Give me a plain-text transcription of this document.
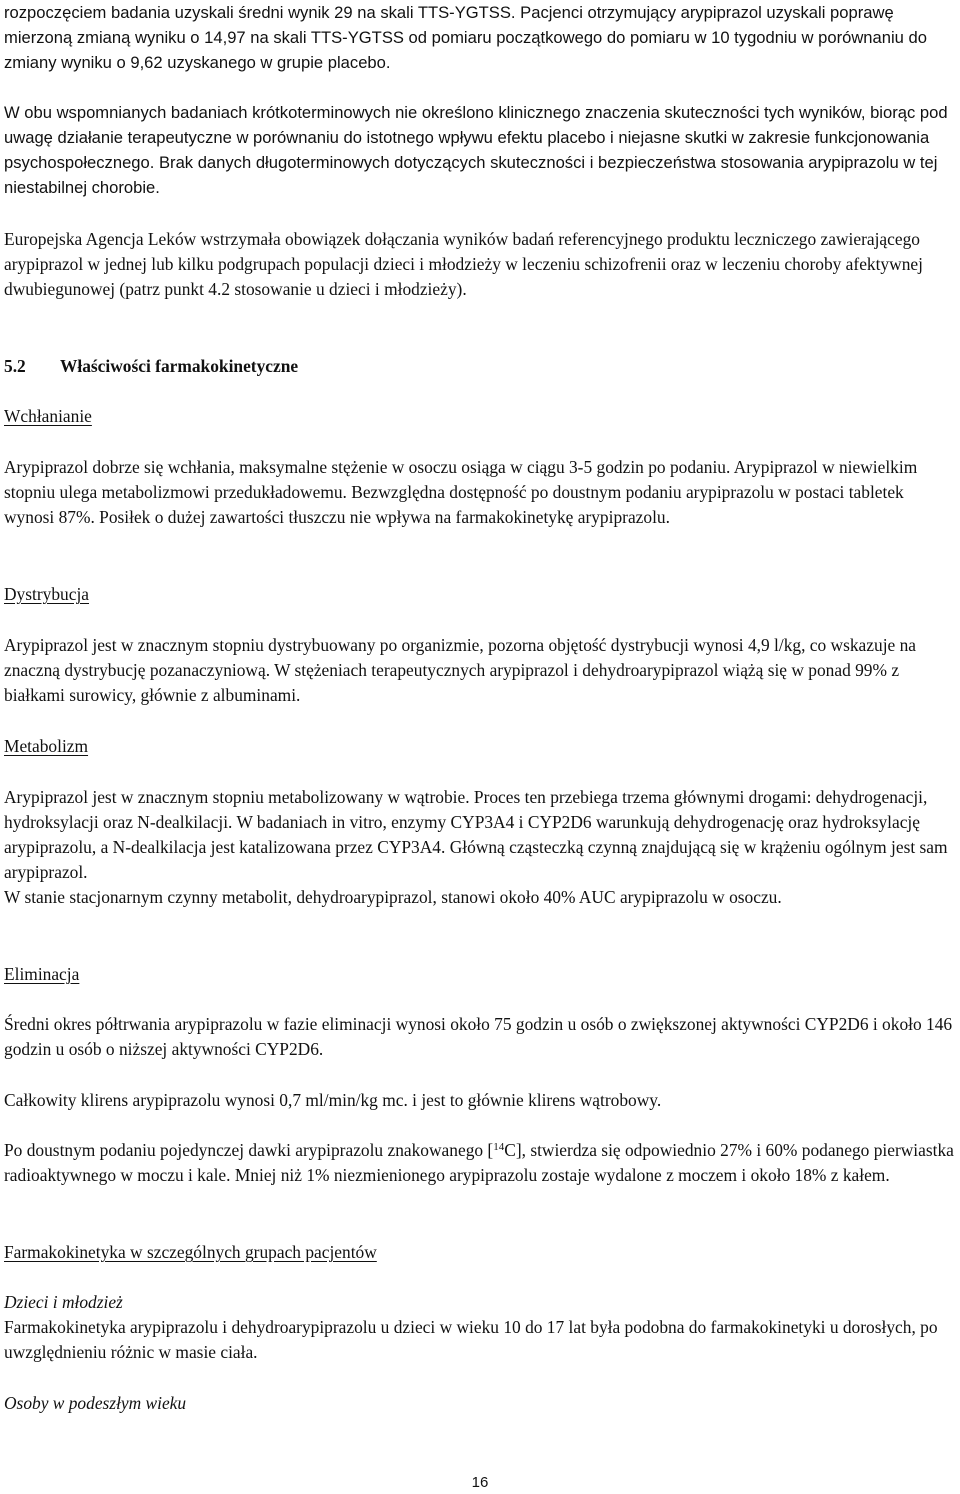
rozpoczęciem badania uzyskali średni wynik 29 na skali TTS-YGTSS. Pacjenci otrzymujący arypiprazol uzyskali poprawę mierzoną zmianą wyniku o 14,97 na skali TTS-YGTSS od pomiaru początkowego do pomiaru w 10 tygodniu w porównaniu do zmiany wyniku o 9,62 uzyskanego w grupie placebo.

W obu wspomnianych badaniach krótkoterminowych nie określono klinicznego znaczenia skuteczności tych wyników, biorąc pod uwagę działanie terapeutyczne w porównaniu do istotnego wpływu efektu placebo i niejasne skutki w zakresie funkcjonowania psychospołecznego. Brak danych długoterminowych dotyczących skuteczności i bezpieczeństwa stosowania arypiprazolu w tej niestabilnej chorobie.

Europejska Agencja Leków wstrzymała obowiązek dołączania wyników badań referencyjnego produktu leczniczego zawierającego arypiprazol w jednej lub kilku podgrupach populacji dzieci i młodzieży w leczeniu schizofrenii oraz w leczeniu choroby afektywnej dwubiegunowej (patrz punkt 4.2 stosowanie u dzieci i młodzieży).

5.2 Właściwości farmakokinetyczne

Wchłanianie

Arypiprazol dobrze się wchłania, maksymalne stężenie w osoczu osiąga w ciągu 3-5 godzin po podaniu. Arypiprazol w niewielkim stopniu ulega metabolizmowi przedukładowemu. Bezwzględna dostępność po doustnym podaniu arypiprazolu w postaci tabletek wynosi 87%. Posiłek o dużej zawartości tłuszczu nie wpływa na farmakokinetykę arypiprazolu.

Dystrybucja

Arypiprazol jest w znacznym stopniu dystrybuowany po organizmie, pozorna objętość dystrybucji wynosi 4,9 l/kg, co wskazuje na znaczną dystrybucję pozanaczyniową. W stężeniach terapeutycznych arypiprazol i dehydroarypiprazol wiążą się w ponad 99% z białkami surowicy, głównie z albuminami.

Metabolizm

Arypiprazol jest w znacznym stopniu metabolizowany w wątrobie. Proces ten przebiega trzema głównymi drogami: dehydrogenacji, hydroksylacji oraz N-dealkilacji. W badaniach in vitro, enzymy CYP3A4 i CYP2D6 warunkują dehydrogenację oraz hydroksylację arypiprazolu, a N-dealkilacja jest katalizowana przez CYP3A4. Główną cząsteczką czynną znajdującą się w krążeniu ogólnym jest sam arypiprazol.

W stanie stacjonarnym czynny metabolit, dehydroarypiprazol, stanowi około 40% AUC arypiprazolu w osoczu.

Eliminacja

Średni okres półtrwania arypiprazolu w fazie eliminacji wynosi około 75 godzin u osób o zwiększonej aktywności CYP2D6 i około 146 godzin u osób o niższej aktywności CYP2D6.

Całkowity klirens arypiprazolu wynosi 0,7 ml/min/kg mc. i jest to głównie klirens wątrobowy.

Po doustnym podaniu pojedynczej dawki arypiprazolu znakowanego [$^{14}$C], stwierdza się odpowiednio 27% i 60% podanego pierwiastka radioaktywnego w moczu i kale. Mniej niż 1% niezmienionego arypiprazolu zostaje wydalone z moczem i około 18% z kałem.

Farmakokinetyka w szczególnych grupach pacjentów

Dzieci i młodzież

Farmakokinetyka arypiprazolu i dehydroarypiprazolu u dzieci w wieku 10 do 17 lat była podobna do farmakokinetyki u dorosłych, po uwzględnieniu różnic w masie ciała.

Osoby w podeszłym wieku

16
